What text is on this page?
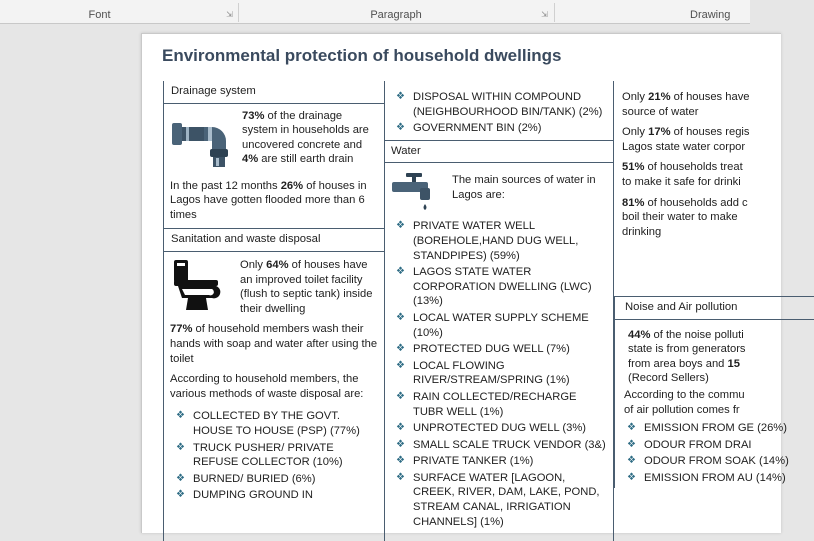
Font	⇲	Paragraph	⇲	Drawing
Environmental protection of household dwellings
Drainage system
73% of the drainage system in households are uncovered concrete and 4% are still earth drain
In the past 12 months 26% of houses in Lagos have gotten flooded more than 6 times
Sanitation and waste disposal
Only 64% of houses have an improved toilet facility (flush to septic tank) inside their dwelling
77% of household members wash their hands with soap and water after using the toilet
According to household members, the various methods of waste disposal are:
❖ COLLECTED BY THE GOVT. HOUSE TO HOUSE (PSP) (77%)
❖ TRUCK PUSHER/ PRIVATE REFUSE COLLECTOR (10%)
❖ BURNED/ BURIED (6%)
❖ DUMPING GROUND IN
❖ DISPOSAL WITHIN COMPOUND (NEIGHBOURHOOD BIN/TANK) (2%)
❖ GOVERNMENT BIN (2%)
Water
The main sources of water in Lagos are:
❖ PRIVATE WATER WELL (BOREHOLE,HAND DUG WELL, STANDPIPES) (59%)
❖ LAGOS STATE WATER CORPORATION DWELLING (LWC) (13%)
❖ LOCAL WATER SUPPLY SCHEME (10%)
❖ PROTECTED DUG WELL (7%)
❖ LOCAL FLOWING RIVER/STREAM/SPRING (1%)
❖ RAIN COLLECTED/RECHARGE TUBR WELL (1%)
❖ UNPROTECTED DUG WELL (3%)
❖ SMALL SCALE TRUCK VENDOR (3&)
❖ PRIVATE TANKER (1%)
❖ SURFACE WATER [LAGOON, CREEK, RIVER, DAM, LAKE, POND, STREAM CANAL, IRRIGATION CHANNELS] (1%)
Only 21% of houses have
source of water
Only 17% of houses regis
Lagos state water corpor
51% of households treat
to make it safe for drinki
81% of households add c
boil their water to make
drinking
Noise and Air pollution
44% of the noise polluti
state is from generators
from area boys and 15
(Record Sellers)
According to the commu
of air pollution comes fr
❖ EMISSION FROM GE (26%)
❖ ODOUR FROM DRAI
❖ ODOUR FROM SOAK (14%)
❖ EMISSION FROM AU (14%)
